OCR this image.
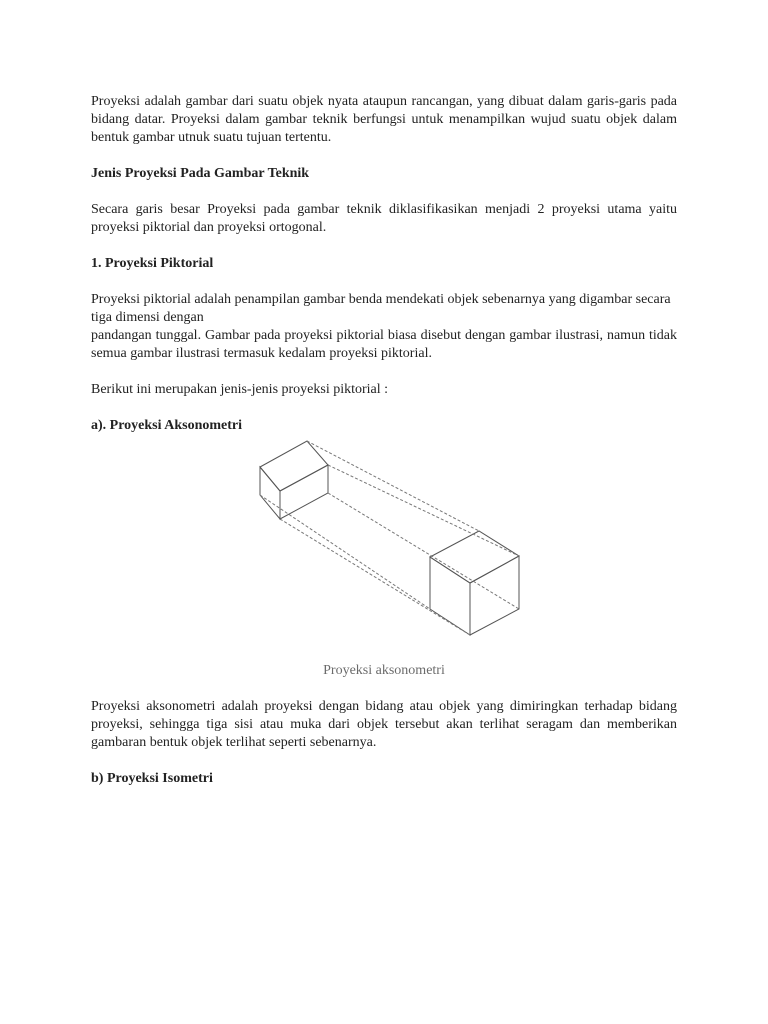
Proyeksi adalah gambar dari suatu objek nyata ataupun rancangan, yang dibuat dalam garis-garis pada bidang datar. Proyeksi dalam gambar teknik berfungsi untuk menampilkan wujud suatu objek dalam bentuk gambar utnuk suatu tujuan tertentu.

Jenis Proyeksi Pada Gambar Teknik

Secara garis besar Proyeksi pada gambar teknik diklasifikasikan menjadi 2 proyeksi utama yaitu proyeksi piktorial dan proyeksi ortogonal.

1. Proyeksi Piktorial

Proyeksi piktorial adalah penampilan gambar benda mendekati objek sebenarnya yang digambar secara tiga dimensi dengan

pandangan tunggal. Gambar pada proyeksi piktorial biasa disebut dengan gambar ilustrasi, namun tidak semua gambar ilustrasi termasuk kedalam proyeksi piktorial.

Berikut ini merupakan jenis-jenis proyeksi piktorial :

a). Proyeksi Aksonometri

Proyeksi aksonometri

Proyeksi aksonometri adalah proyeksi dengan bidang atau objek yang dimiringkan terhadap bidang proyeksi, sehingga tiga sisi atau muka dari objek tersebut akan terlihat seragam dan memberikan gambaran bentuk objek terlihat seperti sebenarnya.

b) Proyeksi Isometri
